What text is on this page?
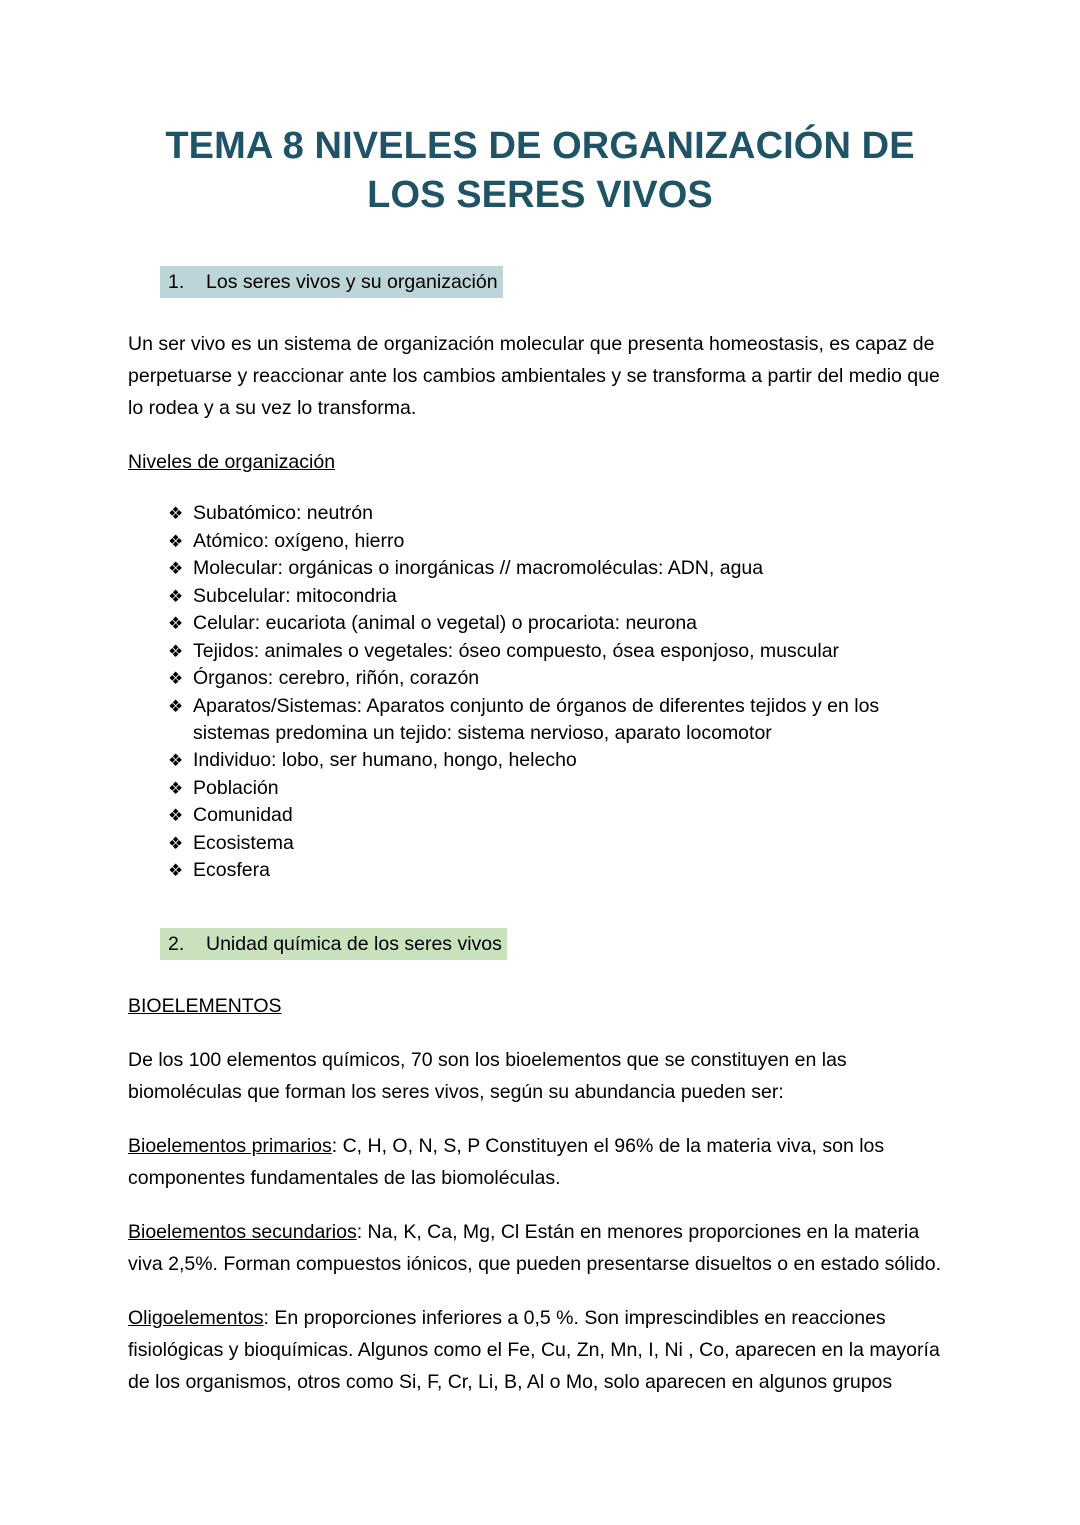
TEMA 8 NIVELES DE ORGANIZACIÓN DE LOS SERES VIVOS
1.	Los seres vivos y su organización

Un ser vivo es un sistema de organización molecular que presenta homeostasis, es capaz de perpetuarse y reaccionar ante los cambios ambientales y se transforma a partir del medio que lo rodea y a su vez lo transforma.

Niveles de organización

❖ Subatómico: neutrón
❖ Atómico: oxígeno, hierro
❖ Molecular: orgánicas o inorgánicas // macromoléculas: ADN, agua
❖ Subcelular: mitocondria
❖ Celular: eucariota (animal o vegetal) o procariota: neurona
❖ Tejidos: animales o vegetales: óseo compuesto, ósea esponjoso, muscular
❖ Órganos: cerebro, riñón, corazón
❖ Aparatos/Sistemas: Aparatos conjunto de órganos de diferentes tejidos y en los sistemas predomina un tejido: sistema nervioso, aparato locomotor
❖ Individuo: lobo, ser humano, hongo, helecho
❖ Población
❖ Comunidad
❖ Ecosistema
❖ Ecosfera
2.	Unidad química de los seres vivos

BIOELEMENTOS

De los 100 elementos químicos, 70 son los bioelementos que se constituyen en las biomoléculas que forman los seres vivos, según su abundancia pueden ser:

Bioelementos primarios: C, H, O, N, S, P Constituyen el 96% de la materia viva, son los componentes fundamentales de las biomoléculas.

Bioelementos secundarios: Na, K, Ca, Mg, Cl Están en menores proporciones en la materia viva 2,5%. Forman compuestos iónicos, que pueden presentarse disueltos o en estado sólido.

Oligoelementos: En proporciones inferiores a 0,5 %. Son imprescindibles en reacciones fisiológicas y bioquímicas. Algunos como el Fe, Cu, Zn, Mn, I, Ni , Co, aparecen en la mayoría de los organismos, otros como Si, F, Cr, Li, B, Al o Mo, solo aparecen en algunos grupos
